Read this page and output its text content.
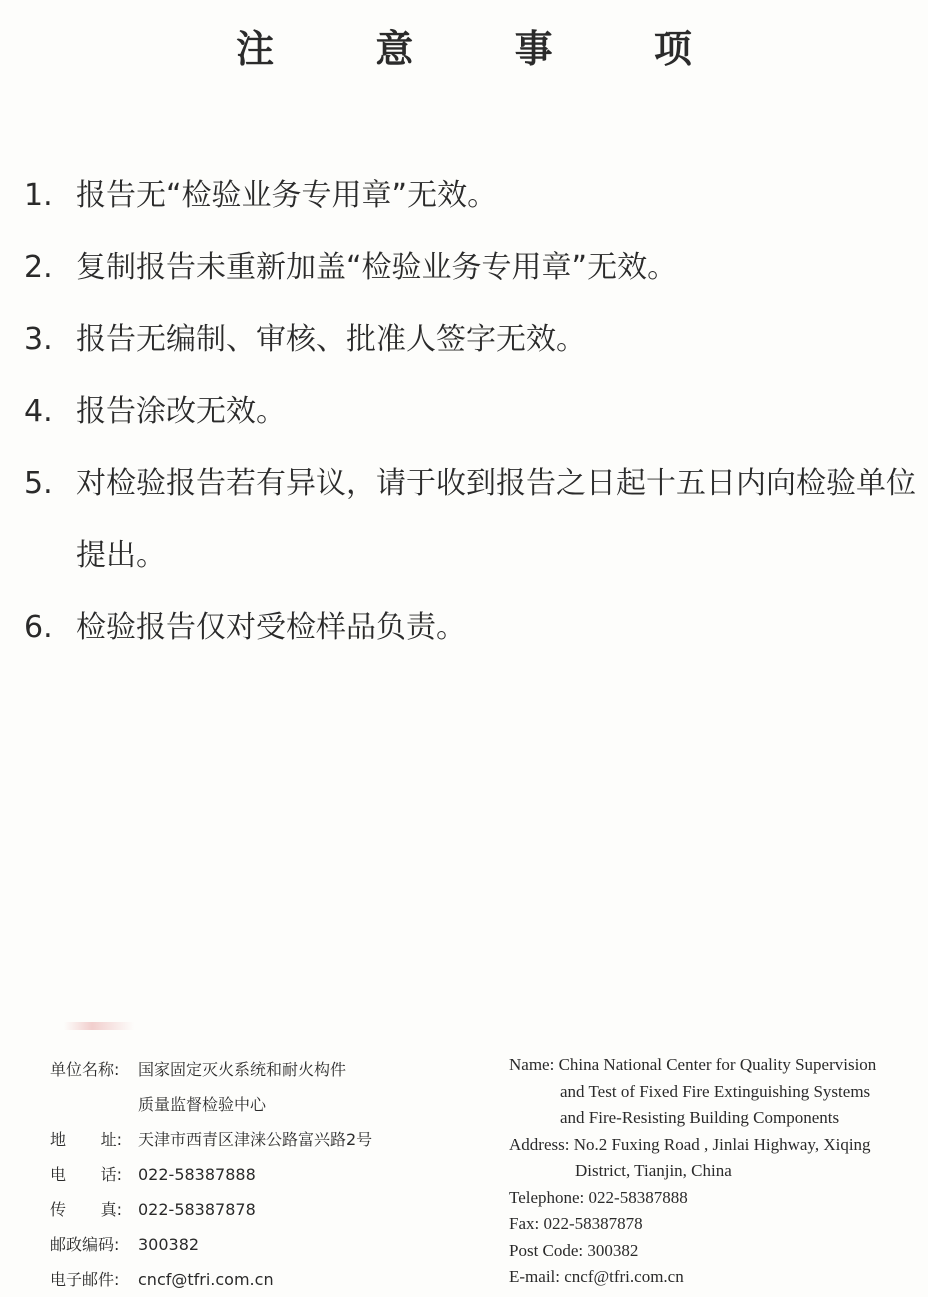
注 意 事 项
1. 报告无“检验业务专用章”无效。
2. 复制报告未重新加盖“检验业务专用章”无效。
3. 报告无编制、审核、批准人签字无效。
4. 报告涂改无效。
5. 对检验报告若有异议，请于收到报告之日起十五日内向检验单位提出。
6. 检验报告仅对受检样品负责。
单位名称:	国家固定灭火系统和耐火构件
质量监督检验中心
地 址: 天津市西青区津涞公路富兴路2号
电 话: 022-58387888
传 真: 022-58387878
邮政编码:	300382
电子邮件:	cncf@tfri.com.cn
Name: China National Center for Quality Supervision
and Test of Fixed Fire Extinguishing Systems
and Fire-Resisting Building Components
Address: No.2 Fuxing Road , Jinlai Highway, Xiqing
District, Tianjin, China
Telephone: 022-58387888
Fax: 022-58387878
Post Code: 300382
E-mail: cncf@tfri.com.cn
